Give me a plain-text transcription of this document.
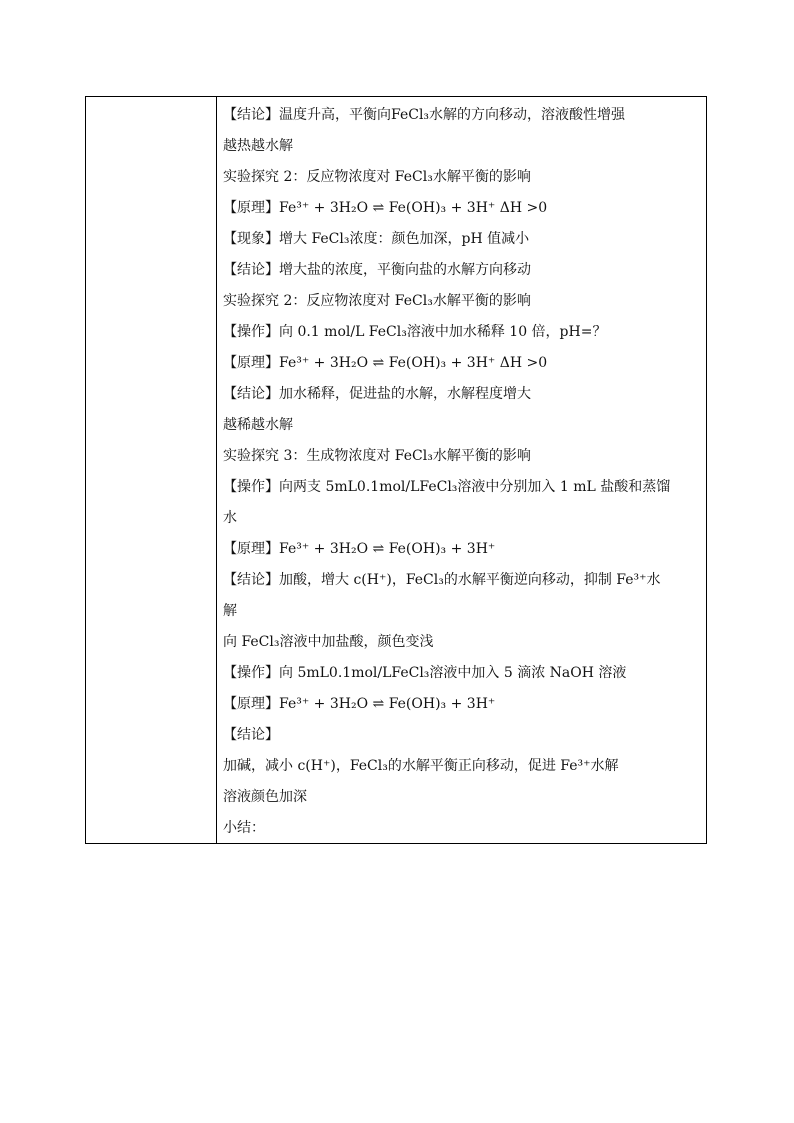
【结论】温度升高，平衡向FeCl₃水解的方向移动，溶液酸性增强
越热越水解
实验探究 2：反应物浓度对 FeCl₃水解平衡的影响
【原理】Fe³⁺ + 3H₂O ⇌ Fe(OH)₃ + 3H⁺ ΔH >0
【现象】增大 FeCl₃浓度：颜色加深，pH 值减小
【结论】增大盐的浓度，平衡向盐的水解方向移动
实验探究 2：反应物浓度对 FeCl₃水解平衡的影响
【操作】向 0.1 mol/L FeCl₃溶液中加水稀释 10 倍，pH=？
【原理】Fe³⁺ + 3H₂O ⇌ Fe(OH)₃ + 3H⁺ ΔH >0
【结论】加水稀释，促进盐的水解，水解程度增大
越稀越水解
实验探究 3：生成物浓度对 FeCl₃水解平衡的影响
【操作】向两支 5mL0.1mol/LFeCl₃溶液中分别加入 1 mL 盐酸和蒸馏
水
【原理】Fe³⁺ + 3H₂O ⇌ Fe(OH)₃ + 3H⁺
【结论】加酸，增大 c(H⁺)，FeCl₃的水解平衡逆向移动，抑制 Fe³⁺水
解
向 FeCl₃溶液中加盐酸，颜色变浅
【操作】向 5mL0.1mol/LFeCl₃溶液中加入 5 滴浓 NaOH 溶液
【原理】Fe³⁺ + 3H₂O ⇌ Fe(OH)₃ + 3H⁺
【结论】
加碱，减小 c(H⁺)，FeCl₃的水解平衡正向移动，促进 Fe³⁺水解
溶液颜色加深
小结：
